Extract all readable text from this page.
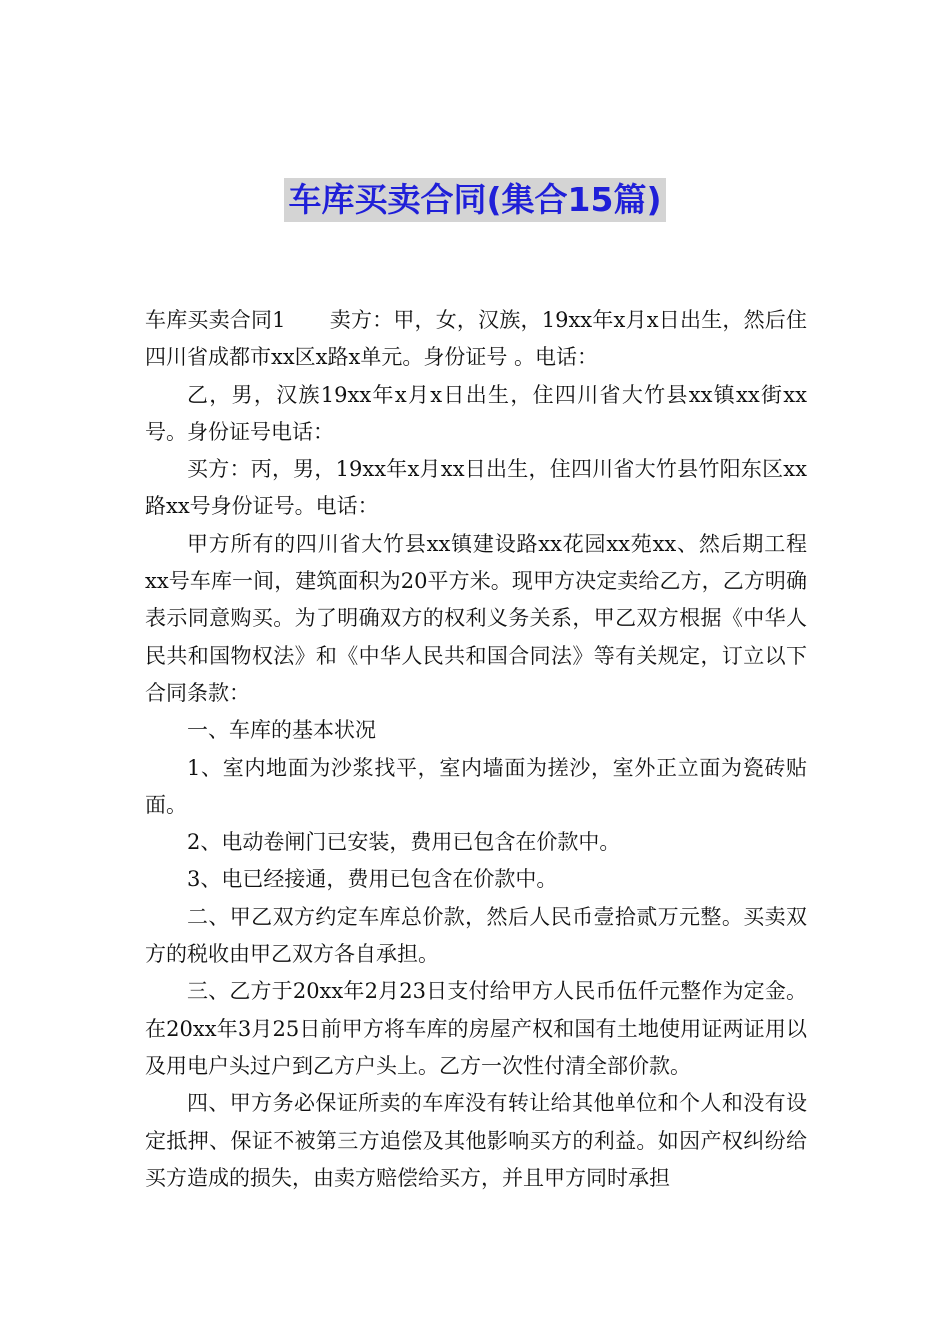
车库买卖合同(集合15篇)

车库买卖合同1 卖方：甲，女，汉族，19xx年x月x日出生，然后住四川省成都市xx区x路x单元。身份证号 。电话：

乙，男，汉族19xx年x月x日出生，住四川省大竹县xx镇xx街xx号。身份证号电话：

买方：丙，男，19xx年x月xx日出生，住四川省大竹县竹阳东区xx路xx号身份证号。电话：

甲方所有的四川省大竹县xx镇建设路xx花园xx苑xx、然后期工程xx号车库一间，建筑面积为20平方米。现甲方决定卖给乙方，乙方明确表示同意购买。为了明确双方的权利义务关系，甲乙双方根据《中华人民共和国物权法》和《中华人民共和国合同法》等有关规定，订立以下合同条款：

一、车库的基本状况

1、室内地面为沙浆找平，室内墙面为搓沙，室外正立面为瓷砖贴面。

2、电动卷闸门已安装，费用已包含在价款中。

3、电已经接通，费用已包含在价款中。

二、甲乙双方约定车库总价款，然后人民币壹拾贰万元整。买卖双方的税收由甲乙双方各自承担。

三、乙方于20xx年2月23日支付给甲方人民币伍仟元整作为定金。在20xx年3月25日前甲方将车库的房屋产权和国有土地使用证两证用以及用电户头过户到乙方户头上。乙方一次性付清全部价款。

四、甲方务必保证所卖的车库没有转让给其他单位和个人和没有设定抵押、保证不被第三方追偿及其他影响买方的利益。如因产权纠纷给买方造成的损失，由卖方赔偿给买方，并且甲方同时承担
